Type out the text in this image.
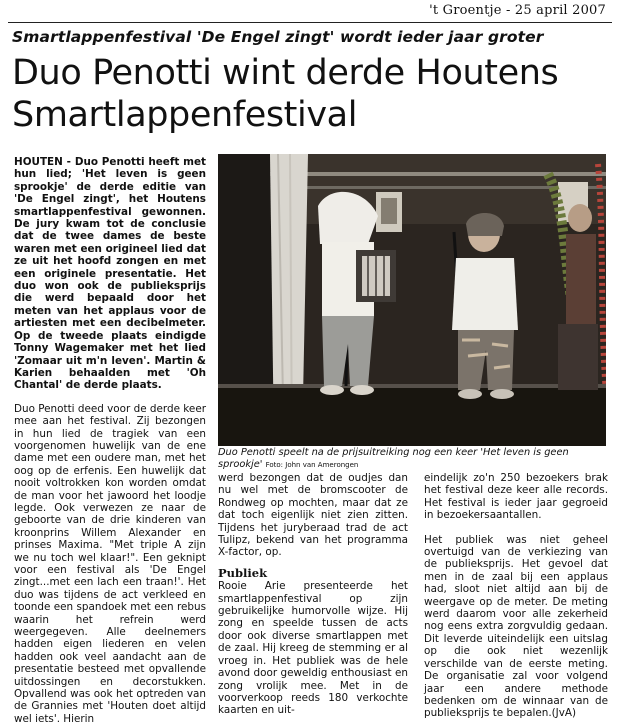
't Groentje - 25 april 2007
Smartlappenfestival 'De Engel zingt' wordt ieder jaar groter
Duo Penotti wint derde Houtens
Smartlappenfestival

HOUTEN - Duo Penotti heeft met hun lied; 'Het leven is geen sprookje' de derde editie van 'De Engel zingt', het Houtens smartlappenfestival gewonnen. De jury kwam tot de conclusie dat de twee dames de beste waren met een origineel lied dat ze uit het hoofd zongen en met een originele presentatie. Het duo won ook de publieksprijs die werd bepaald door het meten van het applaus voor de artiesten met een decibelmeter. Op de tweede plaats eindigde Tonny Wagemaker met het lied 'Zomaar uit m'n leven'. Martin & Karien behaalden met 'Oh Chantal' de derde plaats.

Duo Penotti deed voor de derde keer mee aan het festival. Zij bezongen in hun lied de tragiek van een voorgenomen huwelijk van de ene dame met een oudere man, met het oog op de erfenis. Een huwelijk dat nooit voltrokken kon worden omdat de man voor het jawoord het loodje legde. Ook verwezen ze naar de geboorte van de drie kinderen van kroonprins Willem Alexander en prinses Maxima. "Met triple A zijn we nu toch wel klaar!". Een geknipt voor een festival als 'De Engel zingt...met een lach een traan!'. Het duo was tijdens de act verkleed en toonde een spandoek met een rebus waarin het refrein werd weergegeven. Alle deelnemers hadden eigen liederen en velen hadden ook veel aandacht aan de presentatie besteed met opvallende uitdossingen en decorstukken. Opvallend was ook het optreden van de Grannies met 'Houten doet altijd wel iets'. Hierin

Duo Penotti speelt na de prijsuitreiking nog een keer 'Het leven is geen sprookje' Foto: John van Amerongen

werd bezongen dat de oudjes dan nu wel met de bromscooter de Rondweg op mochten, maar dat ze dat toch eigenlijk niet zien zitten. Tijdens het juryberaad trad de act Tulipz, bekend van het programma X-factor, op.

Publiek

Rooie Arie presenteerde het smartlappenfestival op zijn gebruikelijke humorvolle wijze. Hij zong en speelde tussen de acts door ook diverse smartlappen met de zaal. Hij kreeg de stemming er al vroeg in. Het publiek was de hele avond door geweldig enthousiast en zong vrolijk mee. Met in de voorverkoop reeds 180 verkochte kaarten en uit-

eindelijk zo'n 250 bezoekers brak het festival deze keer alle records. Het festival is ieder jaar gegroeid in bezoekersaantallen.

Het publiek was niet geheel overtuigd van de verkiezing van de publieksprijs. Het gevoel dat men in de zaal bij een applaus had, sloot niet altijd aan bij de weergave op de meter. De meting werd daarom voor alle zekerheid nog eens extra zorgvuldig gedaan. Dit leverde uiteindelijk een uitslag op die ook niet wezenlijk verschilde van de eerste meting. De organisatie zal voor volgend jaar een andere methode bedenken om de winnaar van de publieksprijs te bepalen.(JvA)
